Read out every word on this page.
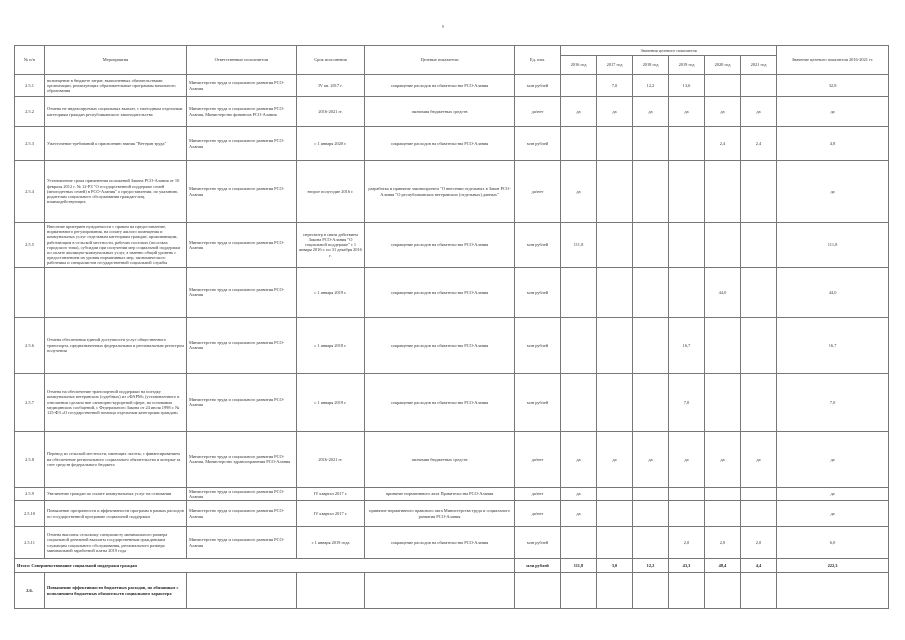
9
№ п/п	Мероприятия	Ответственные исполнители	Срок исполнения	Целевые показатели	Ед. изм.	Значения целевого показателя						Значение целевого показателя 2016-2021 гг.
						2016 год	2017 год	2018 год	2019 год	2020 год	2021 год	
2.5.1	возмещение в бюджете затрат, выполненных обязательствами организации, реализующих образовательные программы начального образования	Министерство труда и социального развития РСО-Алания	IV кв. 2017 г.	сокращение расходов на обязательства РСО-Алания	млн рублей		7,0	12,2	13,6			32,8
2.5.2	Отмена не индексируемых социальных выплат, с ежегодным отдельным категориям граждан республиканского законодательства	Министерство труда и социального развития РСО-Алания, Министерство финансов РСО-Алания	2016-2021 гг.	экономия бюджетных средств	да/нет	да	да	да	да	да	да	да
2.5.3	Ужесточение требований к присвоению звания "Ветеран труда"	Министерство труда и социального развития РСО-Алания	с 1 января 2020 г.	сокращение расходов на обязательства РСО-Алания	млн рублей					2,4	2,4	4,8
2.5.4	Установление срока применения положений Закона РСО-Алания от 10 февраля 2012 г. № 12-РЗ "О государственной поддержке семей (многодетных семей) в РСО-Алания" о предоставлении, по указанию, родителям социального обслуживания граждан-лиц, взаимодействующих	Министерство труда и социального развития РСО-Алания	второе полугодие 2016 г.	разработка и принятие законопроекта "О внесении отдельных в Закон РСО-Алания "О республиканских ветеранских (отдельных) данных"	да/нет	да						да
2.5.5	Внесение критериев нуждаемости с правом на предоставление, нормативного регулирования, на оплату жилого помещения и коммунальных услуг отдельным категориям граждан, проживающим, работающим в сельской местности, рабочих поселках (поселках городского типа), субсидии при получении мер социальной поддержки по оплате жилищно-коммунальных услуг, а именно общий уровень с предоставлением их уровня нормативных мер, экономического работника и специалистов государственной социальной службы	Министерство труда и социального развития РСО-Алания	пересмотр в связи действием Закона РСО-Алания "О социальной поддержке" с 1 января 2016 г. по 31 декабря 2016 г.	сокращение расходов на обязательства РСО-Алания	млн рублей	111,8						111,8
		Министерство труда и социального развития РСО-Алания	с 1 января 2019 г.	сокращение расходов на обязательства РСО-Алания	млн рублей					44,0		44,0
2.5.6	Отмена обеспечения единой доступности услуг общественного транспорта, предназначенных федеральными и региональным регистром получения	Министерство труда и социального развития РСО-Алания	с 1 января 2018 г.	сокращение расходов на обязательства РСО-Алания	млн рублей				16,7			16,7
2.5.7	Отмена на обеспечение транспортной поддержки на поездку коммунальных ветеранских (судебных) из «ФАРМ» (установленного в отношении сделано вне санаторно-курортной сфере, на основании медицинских сообщений, с Федерального Закона от 24 июля 1998 г. № 125-ФЗ «О государственной помощи отдельным категориям граждан»	Министерство труда и социального развития РСО-Алания	с 1 января 2019 г.	сокращение расходов на обязательства РСО-Алания	млн рублей				7,0			7,0
2.5.8	Перевод из сельской местности, имеющих льготы, с финансированием на обеспечение регионального социального обязательства и которые за счет средств федерального бюджета	Министерство труда и социального развития РСО-Алания, Министерство здравоохранения РСО-Алания	2016-2021 гг.	экономия бюджетных средств	да/нет	да	да	да	да	да	да	да
2.5.9	Увеличение граждан по оплате коммунальных услуг на основании	Министерство труда и социального развития РСО-Алания	IV квартал 2017 г.	принятие нормативного акта Правительства РСО-Алания	да/нет	да						да
2.5.10	Повышение прозрачности и эффективности программ в рамках расходов по государственной программе социальной поддержки	Министерство труда и социального развития РСО-Алания	IV квартал 2017 г.	принятие нормативного правового акта Министерства труда и социального развития РСО-Алания	да/нет	да						да
2.5.11	Отмена выплаты сельскому специалисту минимального размера социальной денежной выплаты государственным гражданским служащим социального обслуживания, регионального размера минимальной заработной платы 2019 года	Министерство труда и социального развития РСО-Алания	с 1 января 2019 года	сокращение расходов на обязательства РСО-Алания	млн рублей				2,0	2,0	2,0	6,0
Итого: Совершенствование социальной поддержки граждан					млн рублей	111,8	3,0	12,2	43,3	48,4	4,4	222,3
2.6.	Повышение эффективности бюджетных расходов, по обязанным с исполнением бюджетных обязательств социального характера											
